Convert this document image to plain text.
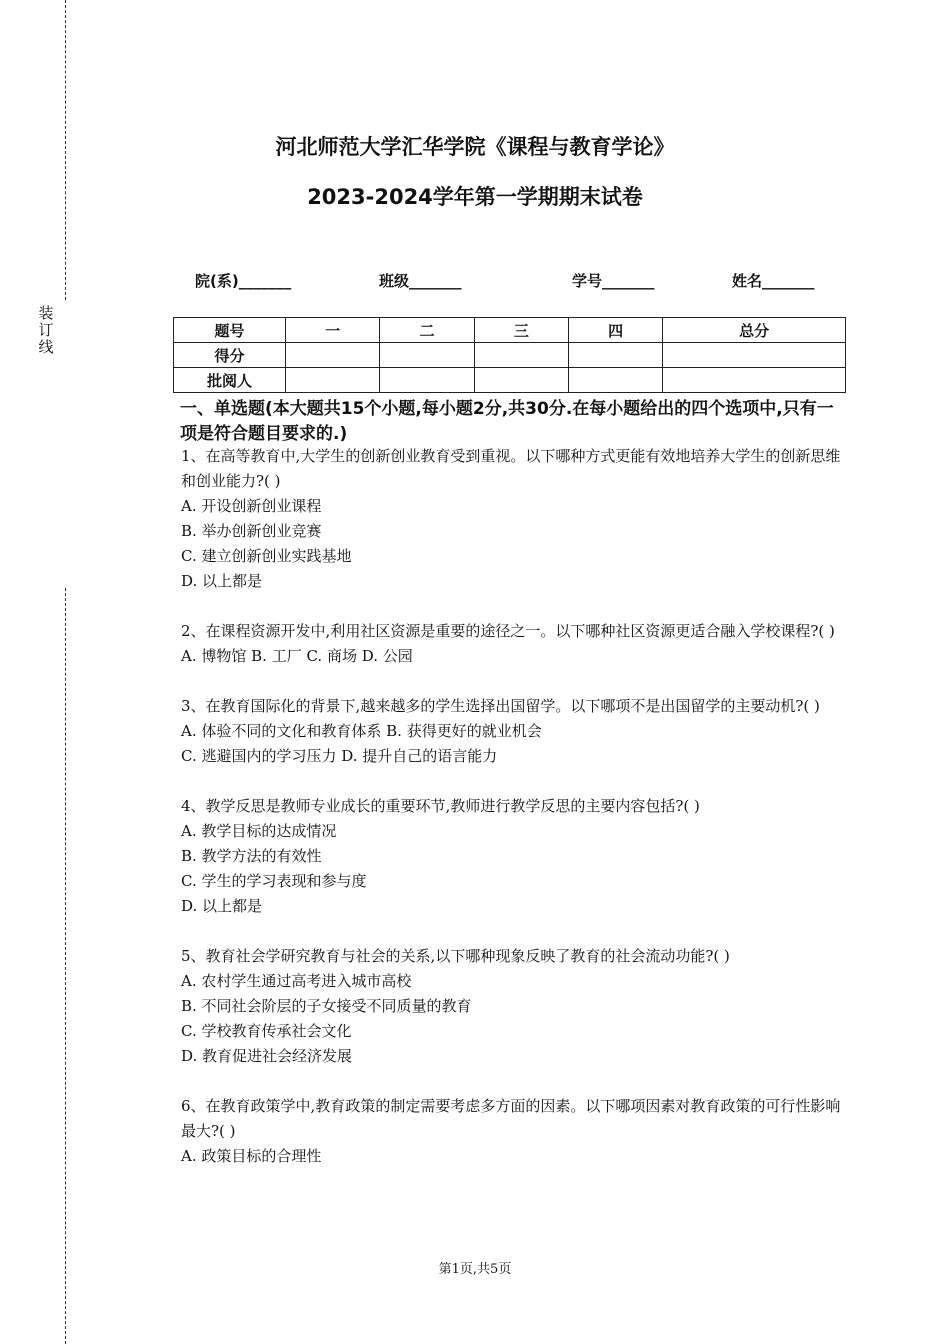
装订线
河北师范大学汇华学院《课程与教育学论》
2023-2024学年第一学期期末试卷
院(系)_______	班级_______	学号_______	姓名_______
题号	一	二	三	四	总分
得分					
批阅人					
一、单选题(本大题共15个小题,每小题2分,共30分.在每小题给出的四个选项中,只有一项是符合题目要求的.)

1、在高等教育中,大学生的创新创业教育受到重视。以下哪种方式更能有效地培养大学生的创新思维和创业能力?( )

A. 开设创新创业课程

B. 举办创新创业竞赛

C. 建立创新创业实践基地

D. 以上都是

2、在课程资源开发中,利用社区资源是重要的途径之一。以下哪种社区资源更适合融入学校课程?( )

A. 博物馆 B. 工厂 C. 商场 D. 公园

3、在教育国际化的背景下,越来越多的学生选择出国留学。以下哪项不是出国留学的主要动机?( )

A. 体验不同的文化和教育体系 B. 获得更好的就业机会

C. 逃避国内的学习压力 D. 提升自己的语言能力

4、教学反思是教师专业成长的重要环节,教师进行教学反思的主要内容包括?( )

A. 教学目标的达成情况

B. 教学方法的有效性

C. 学生的学习表现和参与度

D. 以上都是

5、教育社会学研究教育与社会的关系,以下哪种现象反映了教育的社会流动功能?( )

A. 农村学生通过高考进入城市高校

B. 不同社会阶层的子女接受不同质量的教育

C. 学校教育传承社会文化

D. 教育促进社会经济发展

6、在教育政策学中,教育政策的制定需要考虑多方面的因素。以下哪项因素对教育政策的可行性影响最大?( )

A. 政策目标的合理性

第1页,共5页
